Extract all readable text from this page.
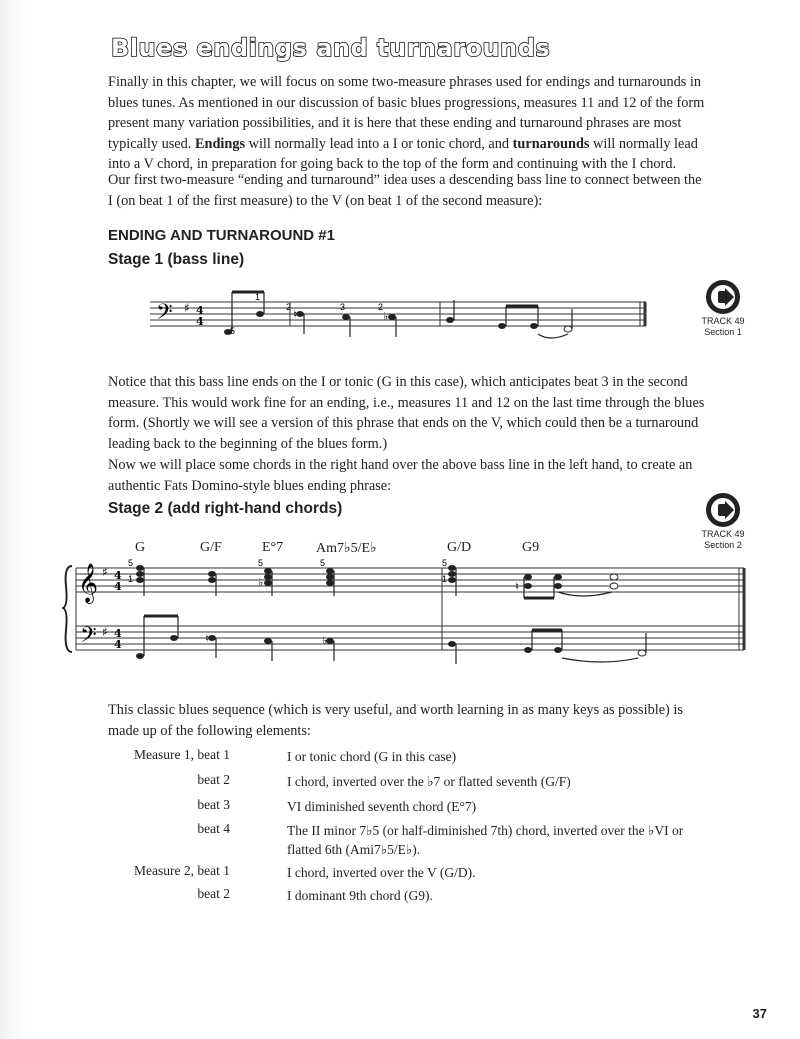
Blues endings and turnarounds

Finally in this chapter, we will focus on some two-measure phrases used for endings and turnarounds in blues tunes. As mentioned in our discussion of basic blues progressions, measures 11 and 12 of the form present many variation possibilities, and it is here that these ending and turnaround phrases are most typically used. Endings will normally lead into a I or tonic chord, and turnarounds will normally lead into a V chord, in preparation for going back to the top of the form and continuing with the I chord.

Our first two-measure “ending and turnaround” idea uses a descending bass line to connect between the I (on beat 1 of the first measure) to the V (on beat 1 of the second measure):

ENDING AND TURNAROUND #1
Stage 1 (bass line)
𝄢 ♯ 4
4
♮	♭
5
1
2	3	2
TRACK 49
Section 1

Notice that this bass line ends on the I or tonic (G in this case), which anticipates beat 3 in the second measure. This would work fine for an ending, i.e., measures 11 and 12 on the last time through the blues form. (Shortly we will see a version of this phrase that ends on the V, which could then be a turnaround leading back to the beginning of the blues form.)

Now we will place some chords in the right hand over the above bass line in the left hand, to create an authentic Fats Domino-style blues ending phrase:

Stage 2 (add right-hand chords)
TRACK 49
Section 2
G	G/F	E°7 Am7♭5/E♭	G/D	G9
𝄞 ♯ 4
4
𝄢 ♯ 4
4
♭
♮	♭
♮
5
1
5	5
1
5

This classic blues sequence (which is very useful, and worth learning in as many keys as possible) is made up of the following elements:

Measure 1, beat 1	I or tonic chord (G in this case)
beat 2	I chord, inverted over the ♭7 or flatted seventh (G/F)
beat 3	VI diminished seventh chord (E°7)
beat 4	The II minor 7♭5 (or half-diminished 7th) chord, inverted over the ♭VI or flatted 6th (Ami7♭5/E♭).
Measure 2, beat 1	I chord, inverted over the V (G/D).
beat 2	I dominant 9th chord (G9).
37
